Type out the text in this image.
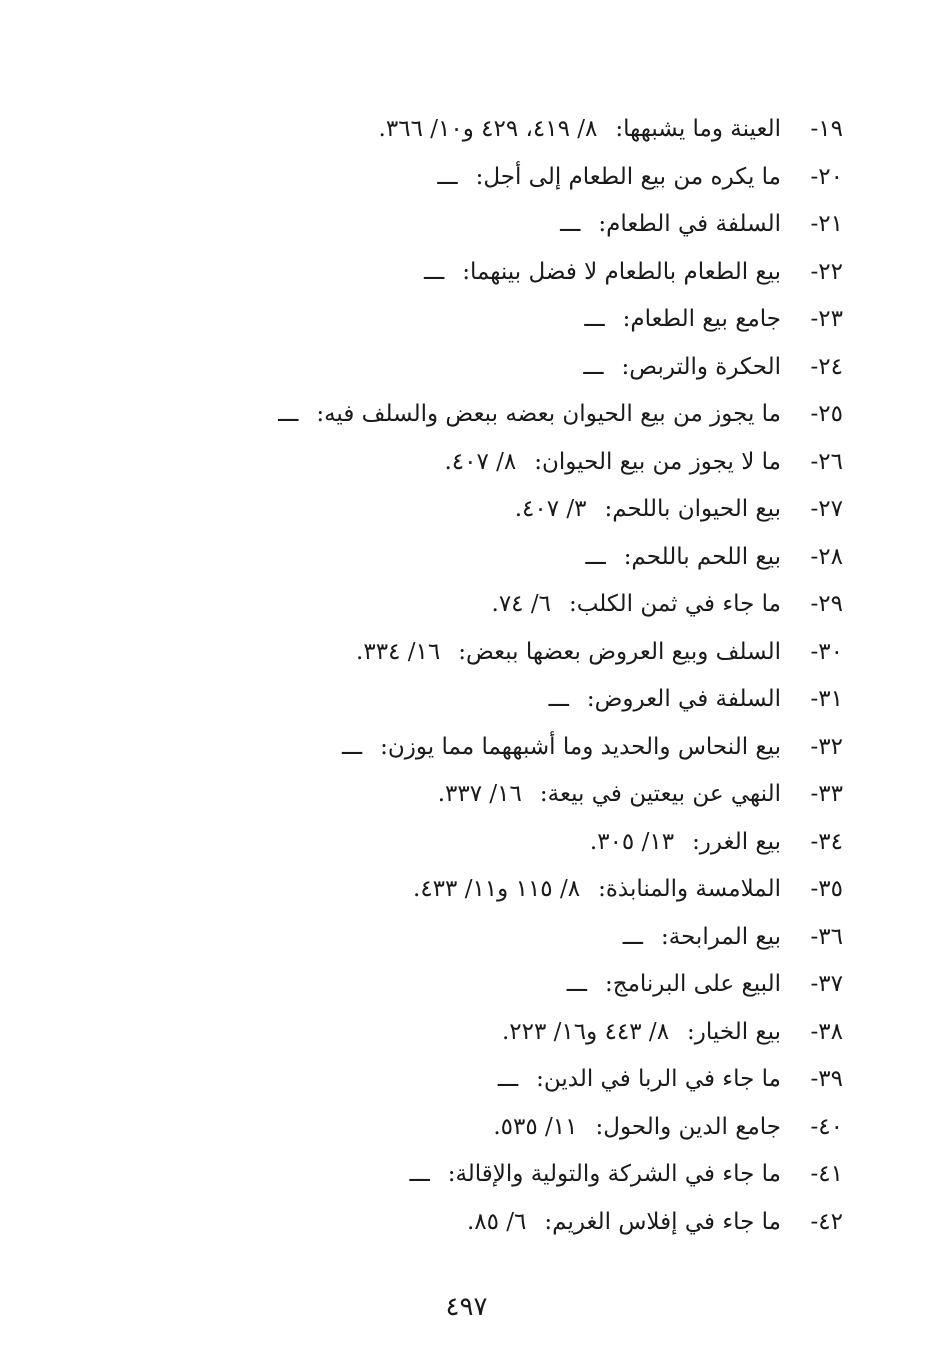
١٩-
العينة وما يشبهها:
٨/ ٤١٩، ٤٢٩ و١٠/ ٣٦٦.
٢٠-
ما يكره من بيع الطعام إلى أجل:
ـــ
٢١-
السلفة في الطعام:
ـــ
٢٢-
بيع الطعام بالطعام لا فضل بينهما:
ـــ
٢٣-
جامع بيع الطعام:
ـــ
٢٤-
الحكرة والتربص:
ـــ
٢٥-
ما يجوز من بيع الحيوان بعضه ببعض والسلف فيه:
ـــ
٢٦-
ما لا يجوز من بيع الحيوان:
٨/ ٤٠٧.
٢٧-
بيع الحيوان باللحم:
٣/ ٤٠٧.
٢٨-
بيع اللحم باللحم:
ـــ
٢٩-
ما جاء في ثمن الكلب:
٦/ ٧٤.
٣٠-
السلف وبيع العروض بعضها ببعض:
١٦/ ٣٣٤.
٣١-
السلفة في العروض:
ـــ
٣٢-
بيع النحاس والحديد وما أشبههما مما يوزن:
ـــ
٣٣-
النهي عن بيعتين في بيعة:
١٦/ ٣٣٧.
٣٤-
بيع الغرر:
١٣/ ٣٠٥.
٣٥-
الملامسة والمنابذة:
٨/ ١١٥ و١١/ ٤٣٣.
٣٦-
بيع المرابحة:
ـــ
٣٧-
البيع على البرنامج:
ـــ
٣٨-
بيع الخيار:
٨/ ٤٤٣ و١٦/ ٢٢٣.
٣٩-
ما جاء في الربا في الدين:
ـــ
٤٠-
جامع الدين والحول:
١١/ ٥٣٥.
٤١-
ما جاء في الشركة والتولية والإقالة:
ـــ
٤٢-
ما جاء في إفلاس الغريم:
٦/ ٨٥.
٤٩٧
